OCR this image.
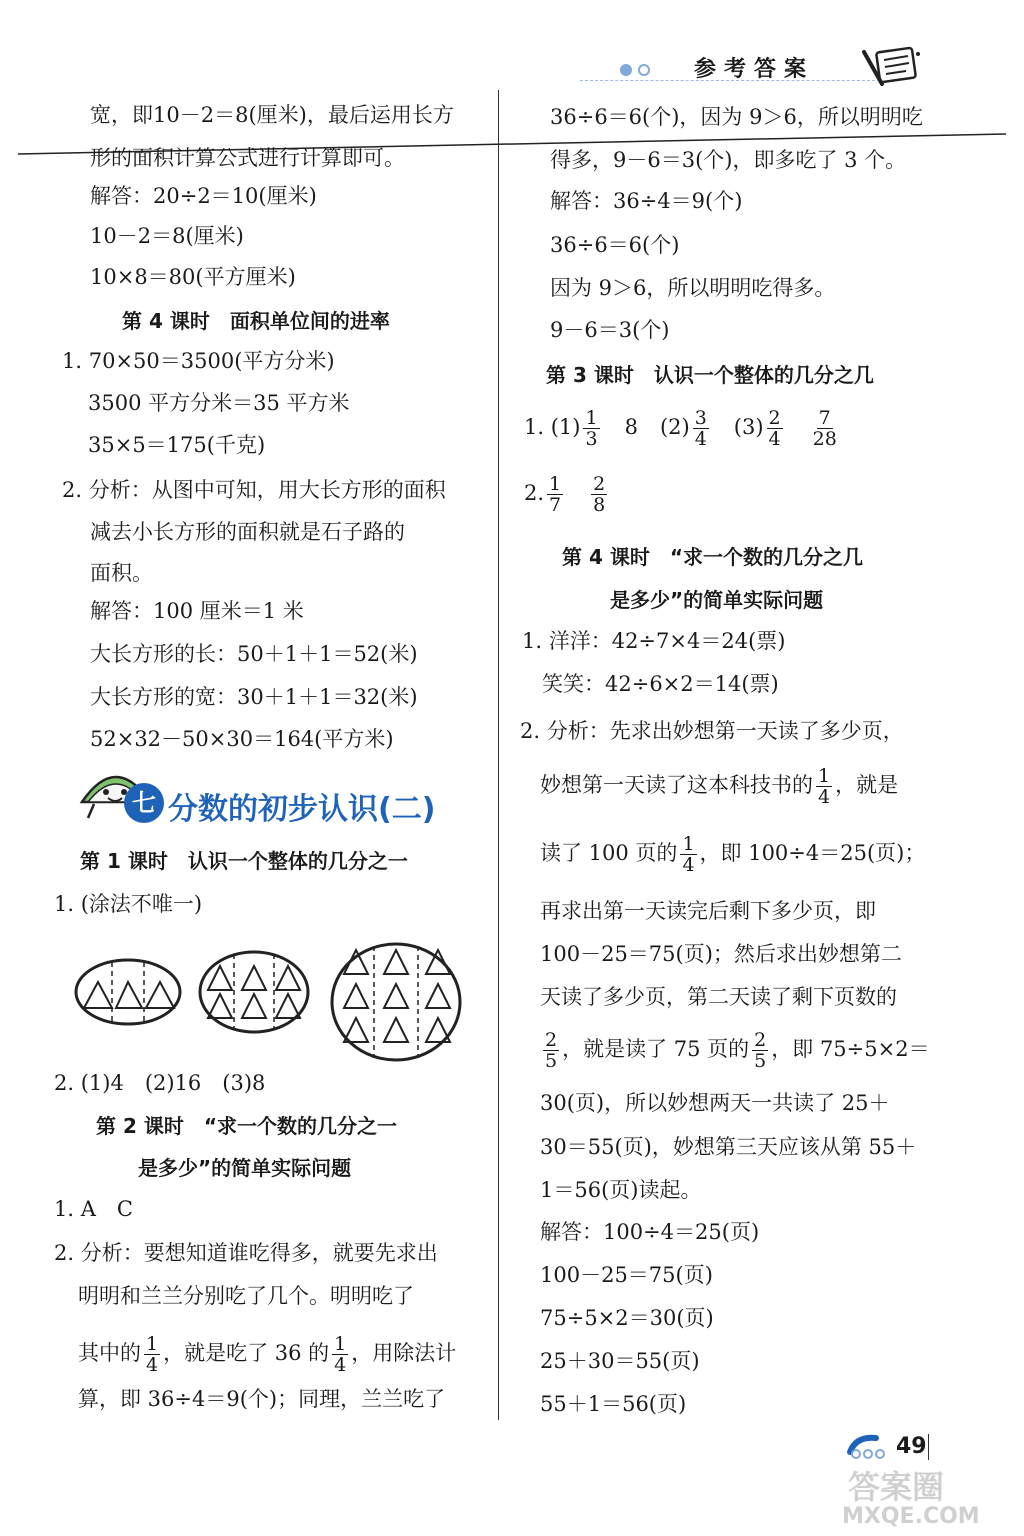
参考答案
宽，即10－2＝8(厘米)，最后运用长方
形的面积计算公式进行计算即可。
解答：20÷2＝10(厘米)
10－2＝8(厘米)
10×8＝80(平方厘米)
第 4 课时　面积单位间的进率
1. 70×50＝3500(平方分米)
3500 平方分米＝35 平方米
35×5＝175(千克)
2. 分析：从图中可知，用大长方形的面积
减去小长方形的面积就是石子路的
面积。
解答：100 厘米＝1 米
大长方形的长：50＋1＋1＝52(米)
大长方形的宽：30＋1＋1＝32(米)
52×32－50×30＝164(平方米)
七 分数的初步认识(二)
第 1 课时　认识一个整体的几分之一
1. (涂法不唯一)
2. (1)4　(2)16　(3)8
第 2 课时　“求一个数的几分之一
是多少”的简单实际问题
1. A　C
2. 分析：要想知道谁吃得多，就要先求出
明明和兰兰分别吃了几个。明明吃了
其中的 $\frac{1}{4}$ ，就是吃了 36 的 $\frac{1}{4}$ ，用除法计
算，即 36÷4＝9(个)；同理，兰兰吃了
36÷6＝6(个)，因为 9＞6，所以明明吃
得多，9－6＝3(个)，即多吃了 3 个。
解答：36÷4＝9(个)
36÷6＝6(个)
因为 9＞6，所以明明吃得多。
9－6＝3(个)
第 3 课时　认识一个整体的几分之几
1. $(1) \frac{1}{3} 8$ $(2) \frac{3}{4} (3) \frac{2}{4} \frac{7}{28}$
2. $\frac{1}{7} \frac{2}{8}$
第 4 课时　“求一个数的几分之几
是多少”的简单实际问题
1. 洋洋：42÷7×4＝24(票)
笑笑：42÷6×2＝14(票)
2. 分析：先求出妙想第一天读了多少页，
妙想第一天读了这本科技书的 $\frac{1}{4}$ ，就是
读了 100 页的 $\frac{1}{4}$ ，即 100÷4＝25(页)；
再求出第一天读完后剩下多少页，即
100－25＝75(页)；然后求出妙想第二
天读了多少页，第二天读了剩下页数的
$\frac{2}{5}$ ，就是读了 75 页的 $\frac{2}{5}$ ，即 75÷5×2＝
30(页)，所以妙想两天一共读了 25＋
30＝55(页)，妙想第三天应该从第 55＋
1＝56(页)读起。
解答：100÷4＝25(页)
100－25＝75(页)
75÷5×2＝30(页)
25＋30＝55(页)
55＋1＝56(页)
49
答案圈
MXQE.COM
